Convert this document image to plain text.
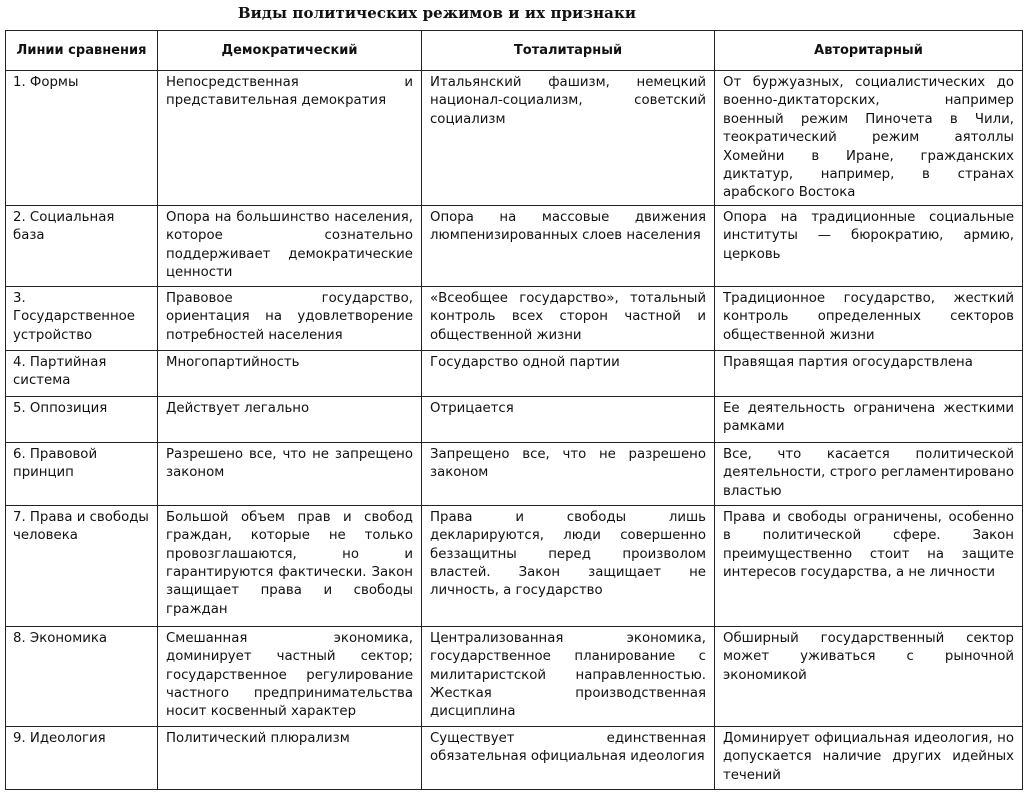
Виды политических режимов и их признаки
Линии сравнения	Демократический	Тоталитарный	Авторитарный
1. Формы	Непосредственная и представительная демократия	Итальянский фашизм, немецкий национал-социализм, советский социализм	От буржуазных, социалистических до военно-диктаторских, например военный режим Пиночета в Чили, теократический режим аятоллы Хомейни в Иране, гражданских диктатур, например, в странах арабского Востока
2. Социальная база	Опора на большинство населения, которое сознательно поддерживает демократические ценности	Опора на массовые движения люмпенизированных слоев населения	Опора на традиционные социальные институты — бюрократию, армию, церковь
3. Государственное устройство	Правовое государство, ориентация на удовлетворение потребностей населения	«Всеобщее государство», тотальный контроль всех сторон частной и общественной жизни	Традиционное государство, жесткий контроль определенных секторов общественной жизни
4. Партийная система	Многопартийность	Государство одной партии	Правящая партия огосударствлена
5. Оппозиция	Действует легально	Отрицается	Ее деятельность ограничена жесткими рамками
6. Правовой принцип	Разрешено все, что не запрещено законом	Запрещено все, что не разрешено законом	Все, что касается политической деятельности, строго регламентировано властью
7. Права и свободы человека	Большой объем прав и свобод граждан, которые не только провозглашаются, но и гарантируются фактически. Закон защищает права и свободы граждан	Права и свободы лишь декларируются, люди совершенно беззащитны перед произволом властей. Закон защищает не личность, а государство	Права и свободы ограничены, особенно в политической сфере. Закон преимущественно стоит на защите интересов государства, а не личности
8. Экономика	Смешанная экономика, доминирует частный сектор; государственное регулирование частного предпринимательства носит косвенный характер	Централизованная экономика, государственное планирование с милитаристской направленностью. Жесткая производственная дисциплина	Обширный государственный сектор может уживаться с рыночной экономикой
9. Идеология	Политический плюрализм	Существует единственная обязательная официальная идеология	Доминирует официальная идеология, но допускается наличие других идейных течений
